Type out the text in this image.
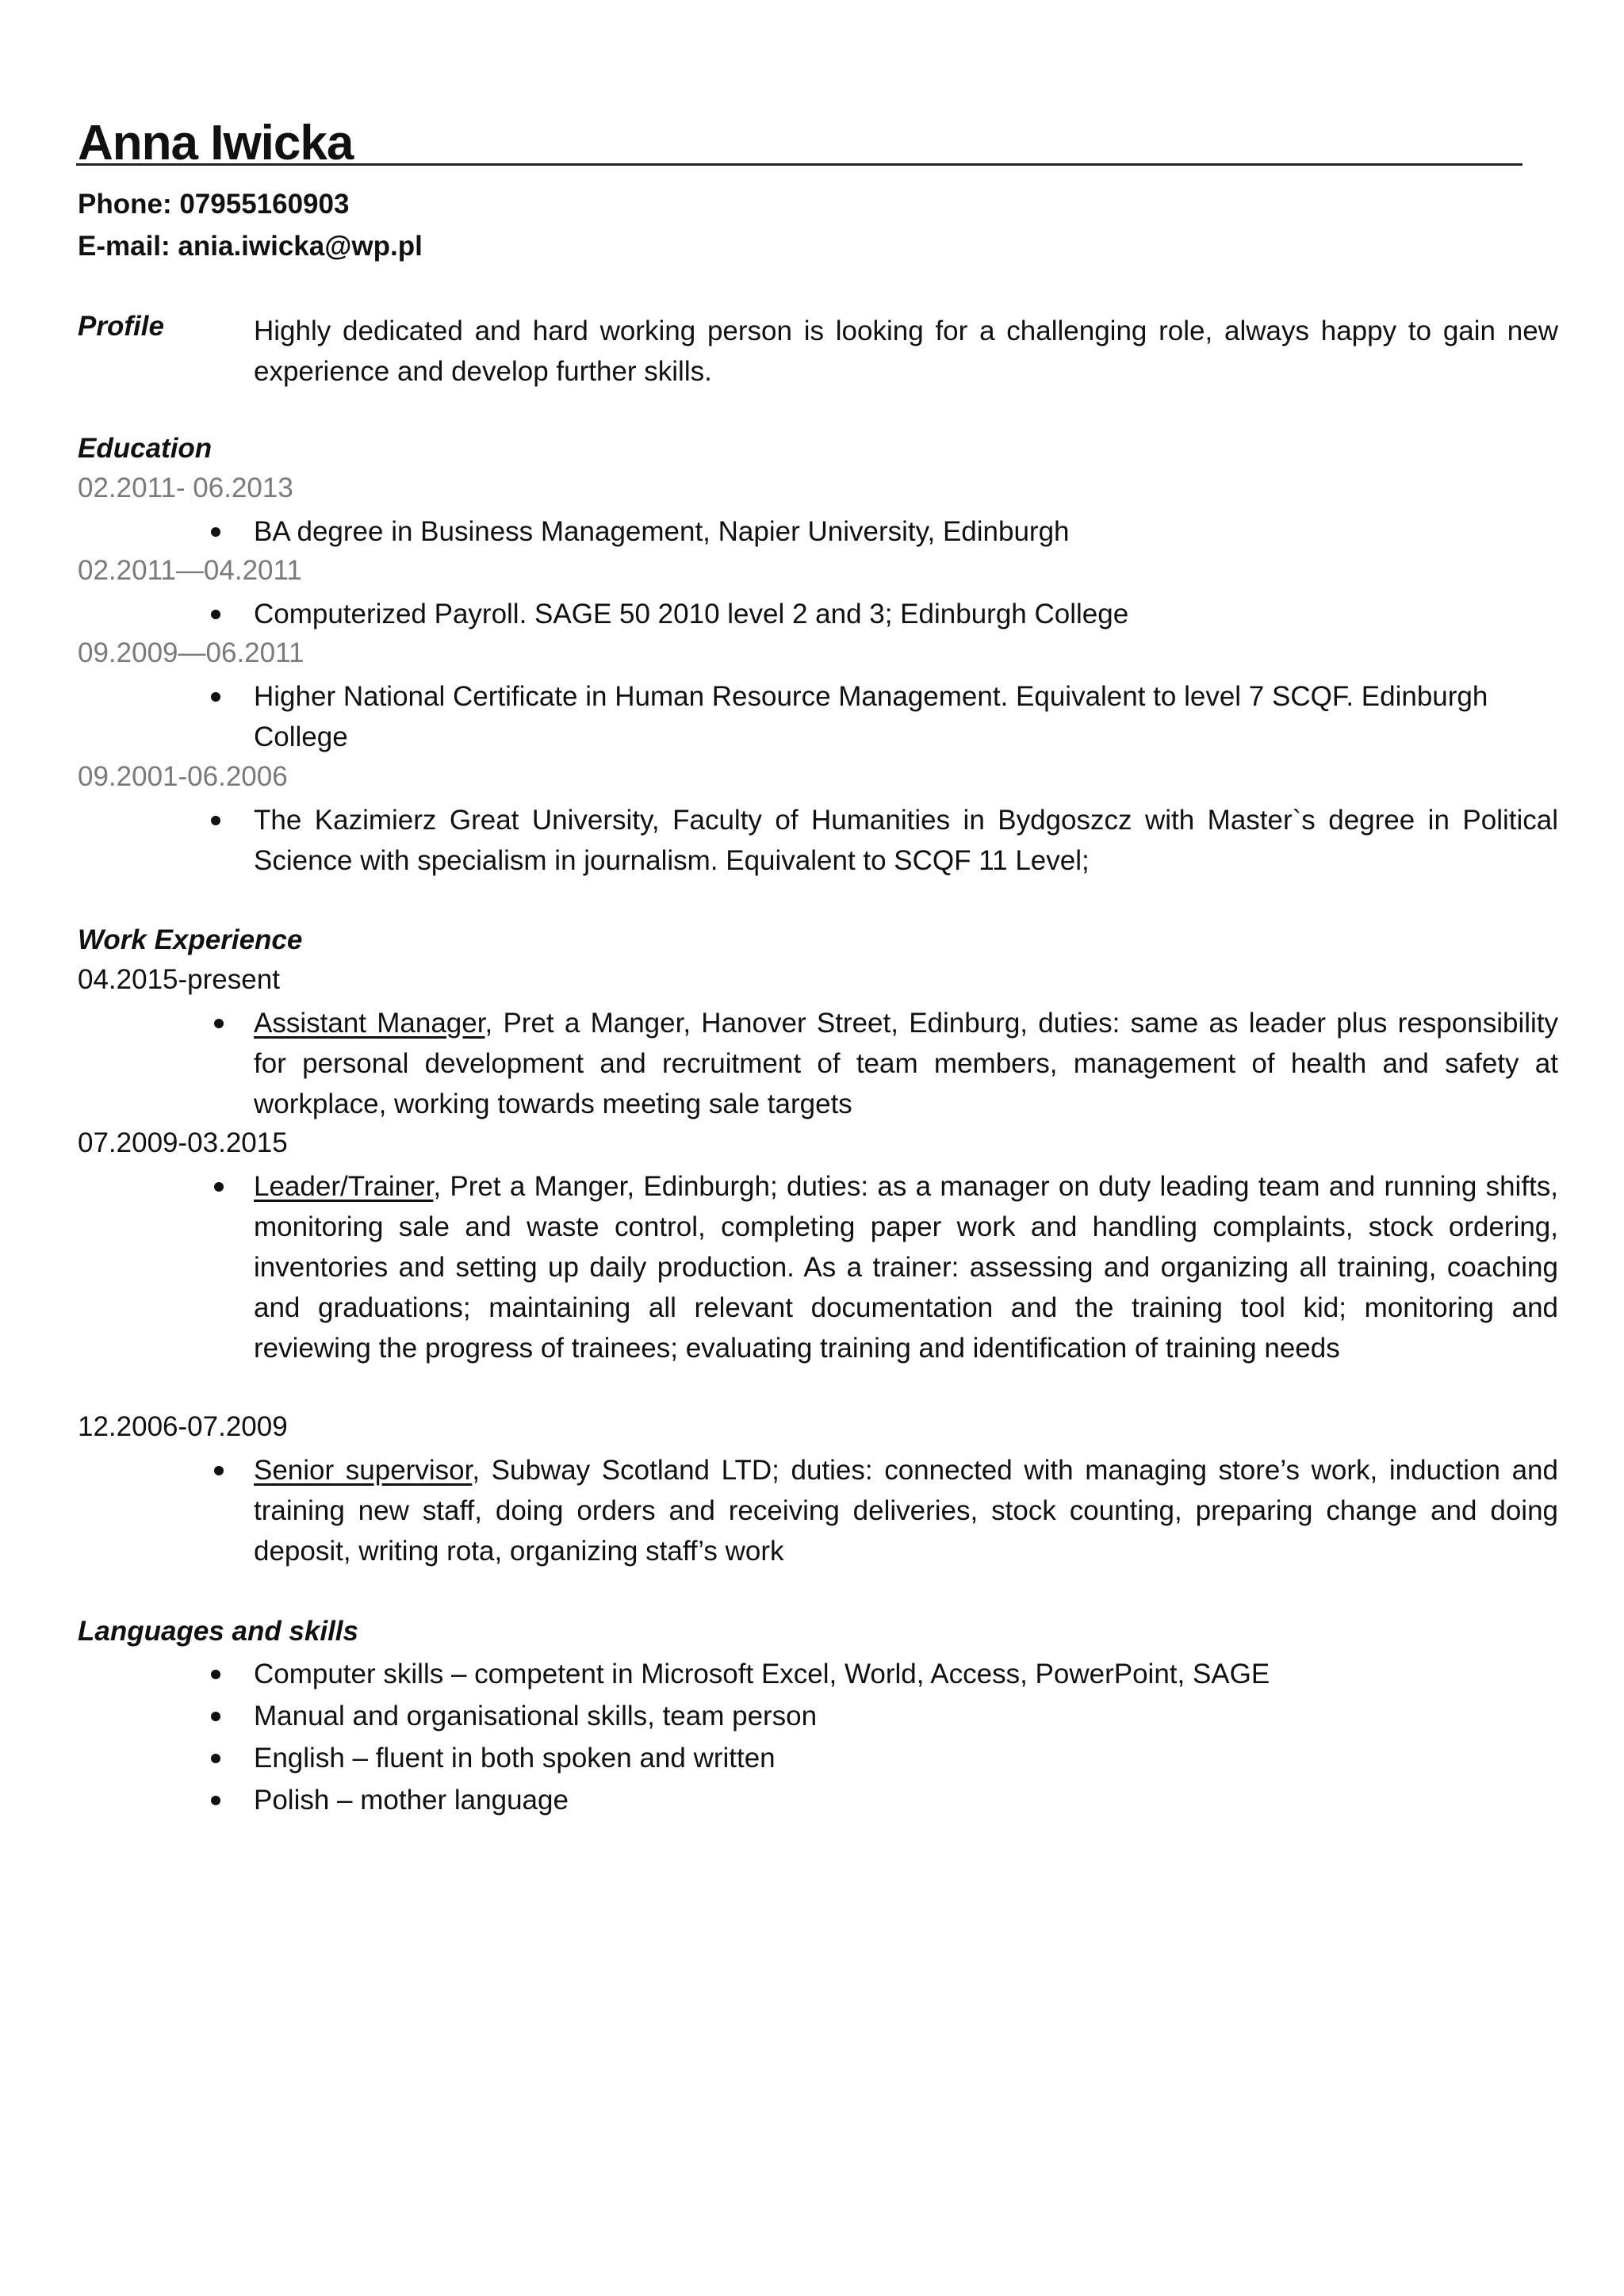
Anna Iwicka
Phone: 07955160903
E-mail: ania.iwicka@wp.pl
Profile	Highly dedicated and hard working person is looking for a challenging role, always happy to gain new experience and develop further skills.
Education
02.2011- 06.2013
BA degree in Business Management, Napier University, Edinburgh
02.2011—04.2011
Computerized Payroll. SAGE 50 2010 level 2 and 3; Edinburgh College
09.2009—06.2011
Higher National Certificate in Human Resource Management. Equivalent to level 7 SCQF. Edinburgh College
09.2001-06.2006
The Kazimierz Great University, Faculty of Humanities in Bydgoszcz with Master`s degree in Political Science with specialism in journalism. Equivalent to SCQF 11 Level;
Work Experience
04.2015-present
Assistant Manager, Pret a Manger, Hanover Street, Edinburg, duties: same as leader plus responsibility for personal development and recruitment of team members, management of health and safety at workplace, working towards meeting sale targets
07.2009-03.2015
Leader/Trainer, Pret a Manger, Edinburgh; duties: as a manager on duty leading team and running shifts, monitoring sale and waste control, completing paper work and handling complaints, stock ordering, inventories and setting up daily production. As a trainer: assessing and organizing all training, coaching and graduations; maintaining all relevant documentation and the training tool kid; monitoring and reviewing the progress of trainees; evaluating training and identification of training needs
12.2006-07.2009
Senior supervisor, Subway Scotland LTD; duties: connected with managing store’s work, induction and training new staff, doing orders and receiving deliveries, stock counting, preparing change and doing deposit, writing rota, organizing staff’s work
Languages and skills
Computer skills – competent in Microsoft Excel, World, Access, PowerPoint, SAGE
Manual and organisational skills, team person
English – fluent in both spoken and written
Polish – mother language
